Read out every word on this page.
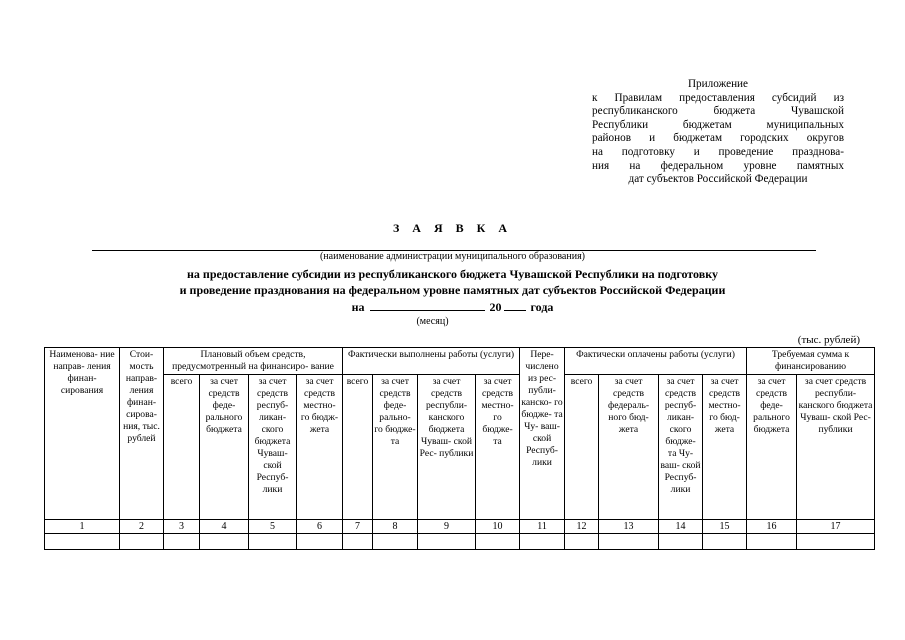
Приложение
к Правилам предоставления субсидий из
республиканского бюджета Чувашской
Республики бюджетам муниципальных
районов и бюджетам городских округов
на подготовку и проведение празднова-
ния на федеральном уровне памятных
дат субъектов Российской Федерации
З А Я В К А
(наименование администрации муниципального образования)
на предоставление субсидии из республиканского бюджета Чувашской Республики на подготовку
и проведение празднования на федеральном уровне памятных дат субъектов Российской Федерации
на	20 года
(месяц)
(тыс. рублей)
Наименова- ние направ- ления финан- сирования	Стои- мость направ- ления финан- сирова- ния, тыс. рублей	Плановый объем средств, предусмотренный на финансиро- вание				Фактически выполнены работы (услуги)				Пере- числено из рес- публи- канско- го бюдже- та Чу- ваш- ской Респуб- лики	Фактически оплачены работы (услуги)				Требуемая сумма к финансированию	
		всего	за счет средств феде- рального бюджета	за счет средств респуб- ликан- ского бюджета Чуваш- ской Респуб- лики	за счет средств местно- го бюдж- жета	всего	за счет средств феде- рально- го бюдже- та	за счет средств республи- канского бюджета Чуваш- ской Рес- публики	за счет средств местно- го бюдже- та		всего	за счет средств федераль- ного бюд- жета	за счет средств респуб- ликан- ского бюдже- та Чу- ваш- ской Респуб- лики	за счет средств местно- го бюд- жета	за счет средств феде- рального бюджета	за счет средств республи- канского бюджета Чуваш- ской Рес- публики
1	2	3	4	5	6	7	8	9	10	11	12	13	14	15	16	17
